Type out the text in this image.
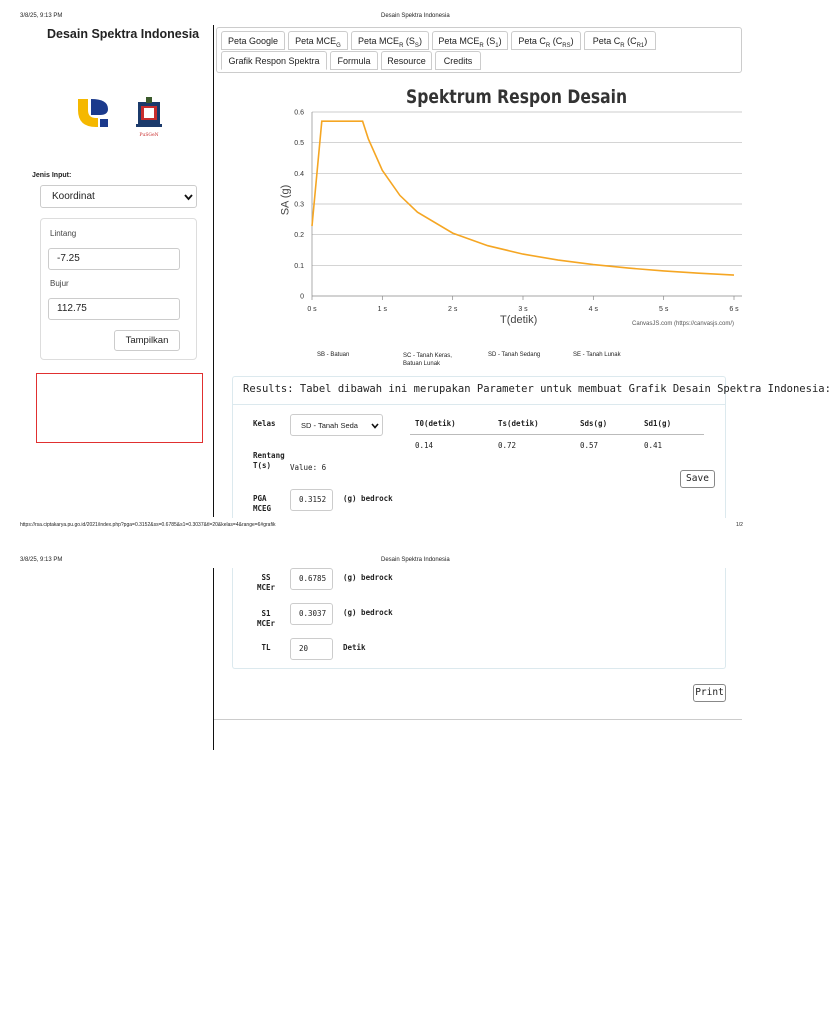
3/8/25, 9:13 PM	Desain Spektra Indonesia
Desain Spektra Indonesia
PuSGeN
Jenis Input:
Koordinat
Lintang
-7.25
Bujur
112.75
Tampilkan
Peta Google	Peta $MCE_G$	Peta $MCE_R$ $(S_S)$	Peta $MCE_R$ $(S_1)$	Peta $C_R$ $(C_{RS})$	Peta $C_R$ $(C_{R1})$
Grafik Respon Spektra	Formula	Resource	Credits
0
0.1
0.2
0.3
0.4
0.5
0.6
0 s	1 s	2 s	3 s	4 s	5 s	6 s
Spektrum Respon Desain
SA (g)
T(detik)	CanvasJS.com (https://canvasjs.com/)
SB - Batuan	SC - Tanah Keras,
Batuan Lunak
SD - Tanah Sedang	SE - Tanah Lunak
Results: Tabel dibawah ini merupakan Parameter untuk membuat Grafik Desain Spektra Indonesia:
Kelas	SD - Tanah Seda	T0(detik)	Ts(detik)	Sds(g)	Sd1(g)
0.14	0.72	0.57	0.41
Rentang
T(s)	Value: 6
Save
PGA
MCEG
0.3152	(g) bedrock
https://rsa.ciptakarya.pu.go.id/2021/index.php?pga=0.3152&ss=0.6785&s1=0.3037&tl=20&kelas=4&range=6#grafik	1/2
3/8/25, 9:13 PM	Desain Spektra Indonesia
SS
MCEr
0.6785	(g) bedrock
S1
MCEr
0.3037	(g) bedrock
TL	20	Detik
Print
